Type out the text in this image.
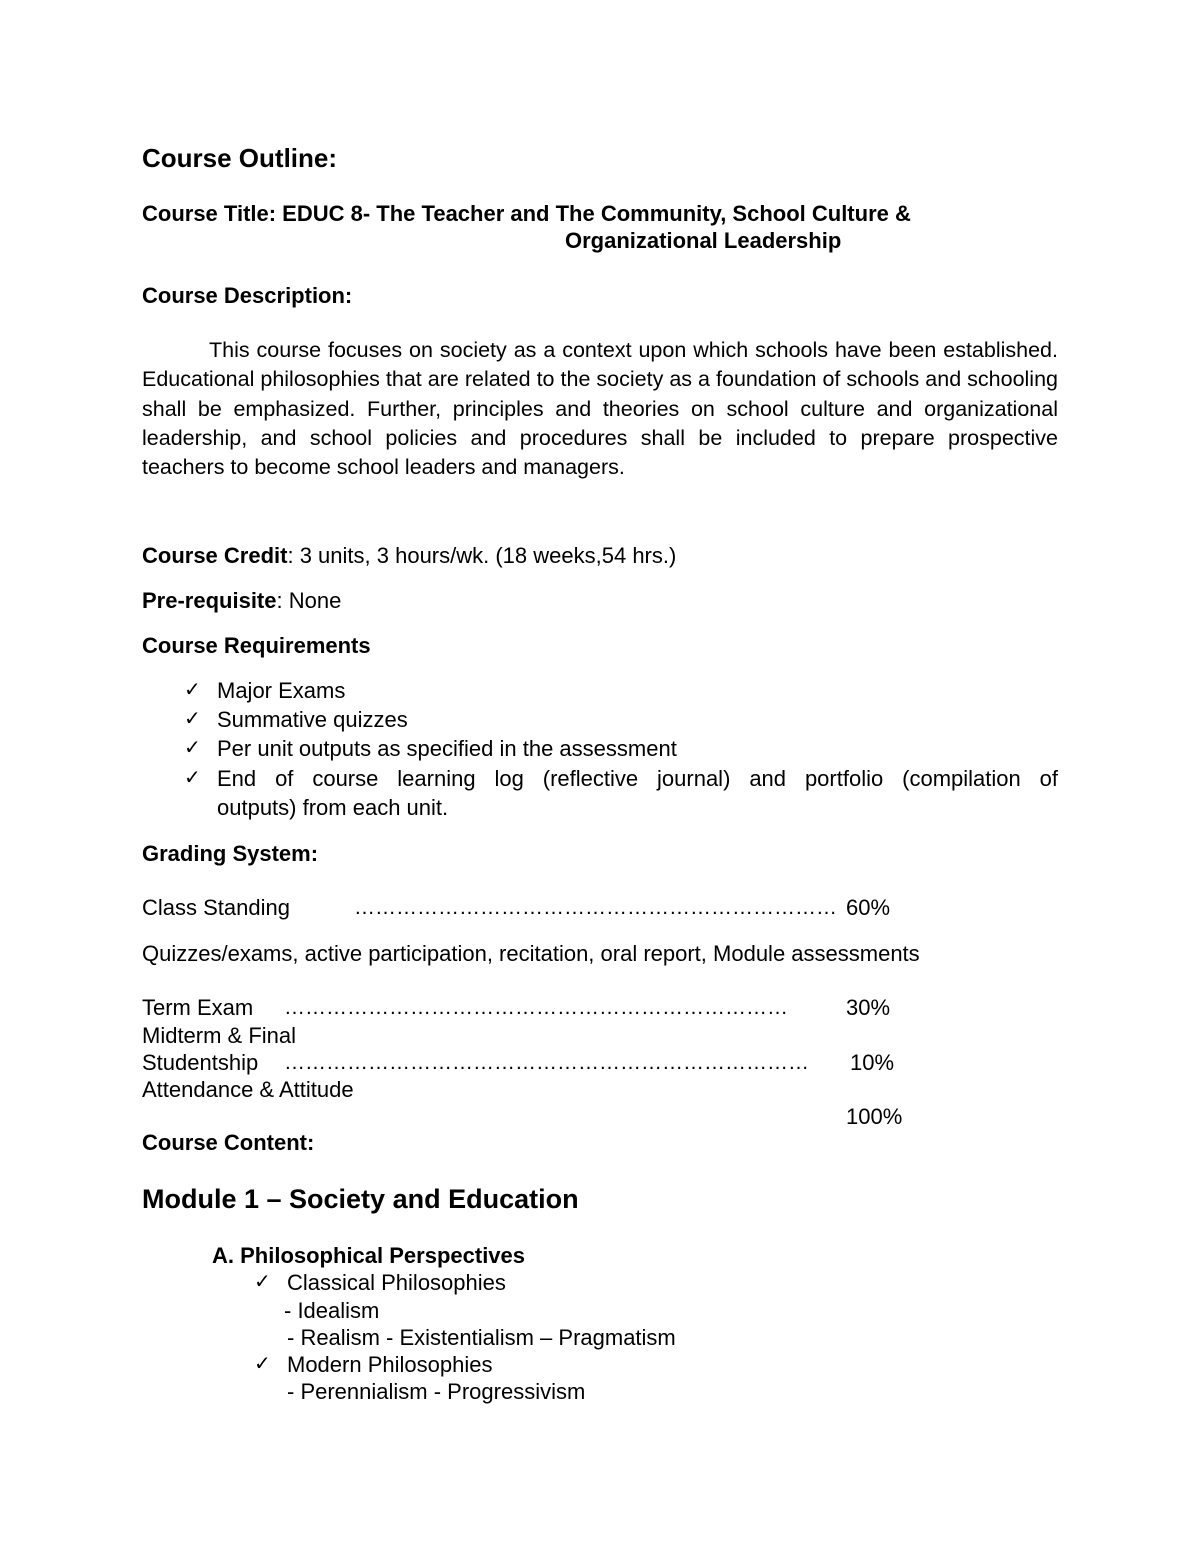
Course Outline:
Course Title: EDUC 8- The Teacher and The Community, School Culture &
Organizational Leadership
Course Description:
This course focuses on society as a context upon which schools have been established. Educational philosophies that are related to the society as a foundation of schools and schooling shall be emphasized. Further, principles and theories on school culture and organizational leadership, and school policies and procedures shall be included to prepare prospective teachers to become school leaders and managers.
Course Credit: 3 units, 3 hours/wk. (18 weeks,54 hrs.)
Pre-requisite: None
Course Requirements
✓ Major Exams
✓ Summative quizzes
✓ Per unit outputs as specified in the assessment
✓ End of course learning log (reflective journal) and portfolio (compilation of
outputs) from each unit.
Grading System:
Class Standing	…………………………………………………………… 60%
Quizzes/exams, active participation, recitation, oral report, Module assessments
Term Exam ………………………………………………………………	30%
Midterm & Final
Studentship ………………………………………………………………… 10%
Attendance & Attitude
100%
Course Content:
Module 1 – Society and Education
A. Philosophical Perspectives
✓ Classical Philosophies
- Idealism
- Realism - Existentialism – Pragmatism
✓ Modern Philosophies
- Perennialism - Progressivism
